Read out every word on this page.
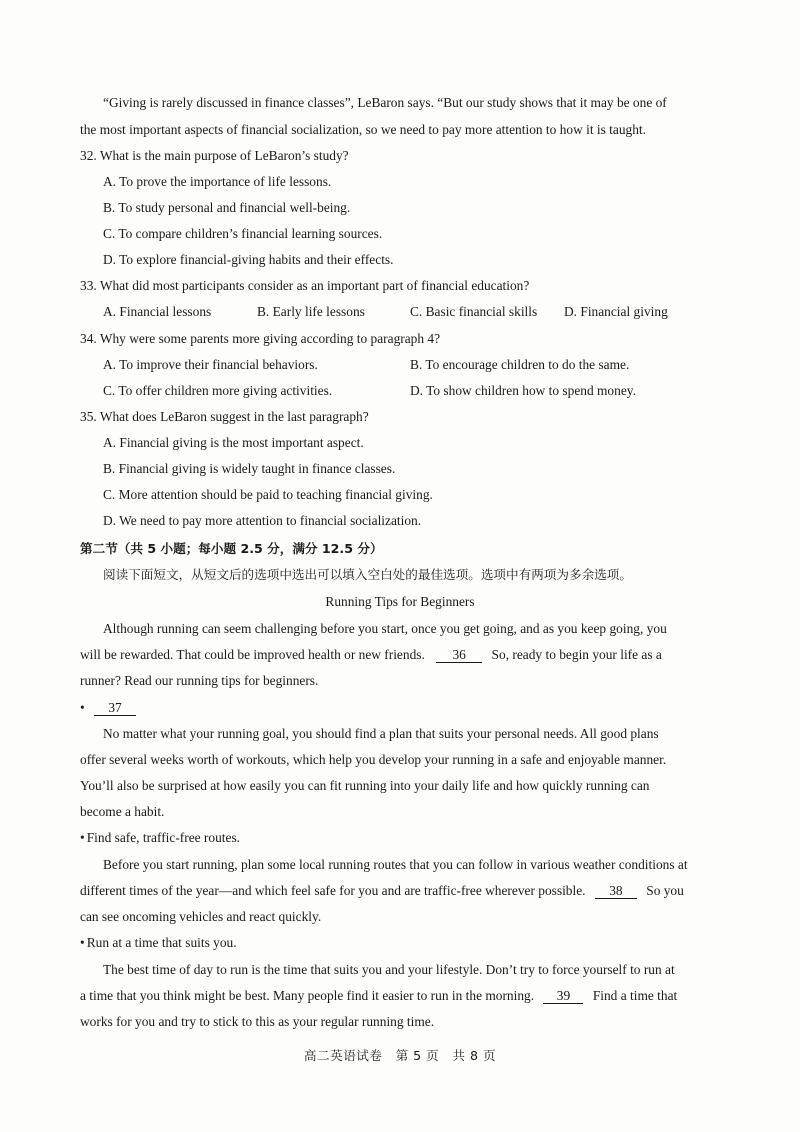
“Giving is rarely discussed in finance classes”, LeBaron says. “But our study shows that it may be one of
the most important aspects of financial socialization, so we need to pay more attention to how it is taught.
32. What is the main purpose of LeBaron’s study?
A. To prove the importance of life lessons.
B. To study personal and financial well-being.
C. To compare children’s financial learning sources.
D. To explore financial-giving habits and their effects.
33. What did most participants consider as an important part of financial education?
A. Financial lessons	B. Early life lessons	C. Basic financial skills D. Financial giving
34. Why were some parents more giving according to paragraph 4?
A. To improve their financial behaviors.	B. To encourage children to do the same.
C. To offer children more giving activities.	D. To show children how to spend money.
35. What does LeBaron suggest in the last paragraph?
A. Financial giving is the most important aspect.
B. Financial giving is widely taught in finance classes.
C. More attention should be paid to teaching financial giving.
D. We need to pay more attention to financial socialization.
第二节（共 5 小题；每小题 2.5 分，满分 12.5 分）
阅读下面短文，从短文后的选项中选出可以填入空白处的最佳选项。选项中有两项为多余选项。
Running Tips for Beginners
Although running can seem challenging before you start, once you get going, and as you keep going, you
will be rewarded. That could be improved health or new friends. 36 So, ready to begin your life as a
runner? Read our running tips for beginners.
• 37
No matter what your running goal, you should find a plan that suits your personal needs. All good plans
offer several weeks worth of workouts, which help you develop your running in a safe and enjoyable manner.
You’ll also be surprised at how easily you can fit running into your daily life and how quickly running can
become a habit.
• Find safe, traffic-free routes.
Before you start running, plan some local running routes that you can follow in various weather conditions at
different times of the year—and which feel safe for you and are traffic-free wherever possible. 38 So you
can see oncoming vehicles and react quickly.
• Run at a time that suits you.
The best time of day to run is the time that suits you and your lifestyle. Don’t try to force yourself to run at
a time that you think might be best. Many people find it easier to run in the morning. 39 Find a time that
works for you and try to stick to this as your regular running time.
高二英语试卷　第 5 页　共 8 页
